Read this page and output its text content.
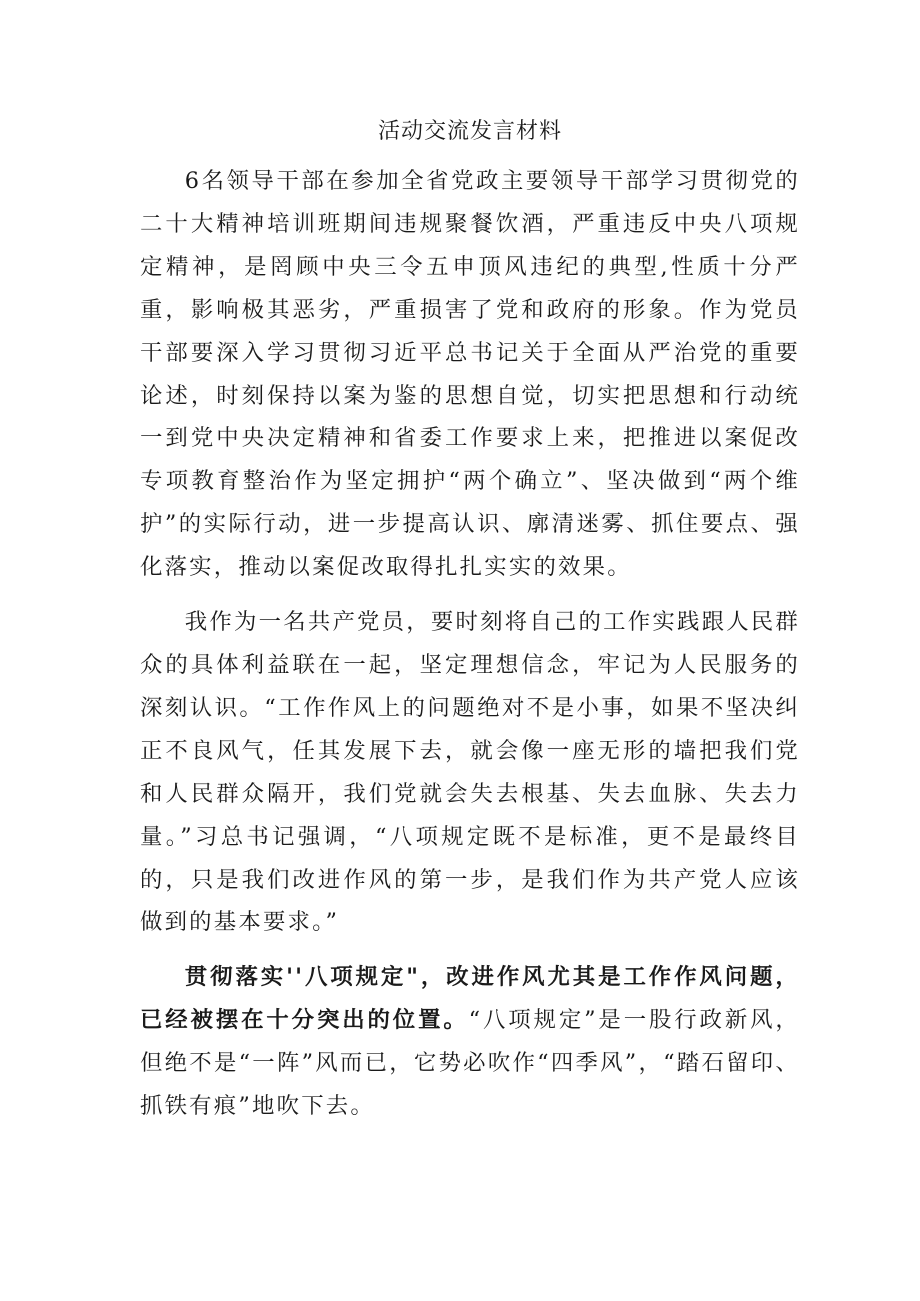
活动交流发言材料

6名领导干部在参加全省党政主要领导干部学习贯彻党的二十大精神培训班期间违规聚餐饮酒，严重违反中央八项规定精神，是罔顾中央三令五申顶风违纪的典型,性质十分严重，影响极其恶劣，严重损害了党和政府的形象。作为党员干部要深入学习贯彻习近平总书记关于全面从严治党的重要论述，时刻保持以案为鉴的思想自觉，切实把思想和行动统一到党中央决定精神和省委工作要求上来，把推进以案促改专项教育整治作为坚定拥护“两个确立”、坚决做到“两个维护”的实际行动，进一步提高认识、廓清迷雾、抓住要点、强化落实，推动以案促改取得扎扎实实的效果。

我作为一名共产党员，要时刻将自己的工作实践跟人民群众的具体利益联在一起，坚定理想信念，牢记为人民服务的深刻认识。“工作作风上的问题绝对不是小事，如果不坚决纠正不良风气，任其发展下去，就会像一座无形的墙把我们党和人民群众隔开，我们党就会失去根基、失去血脉、失去力量。”习总书记强调，“八项规定既不是标准，更不是最终目的，只是我们改进作风的第一步，是我们作为共产党人应该做到的基本要求。”

贯彻落实''八项规定"，改进作风尤其是工作作风问题，已经被摆在十分突出的位置。“八项规定”是一股行政新风，但绝不是“一阵”风而已，它势必吹作“四季风”，“踏石留印、抓铁有痕”地吹下去。
